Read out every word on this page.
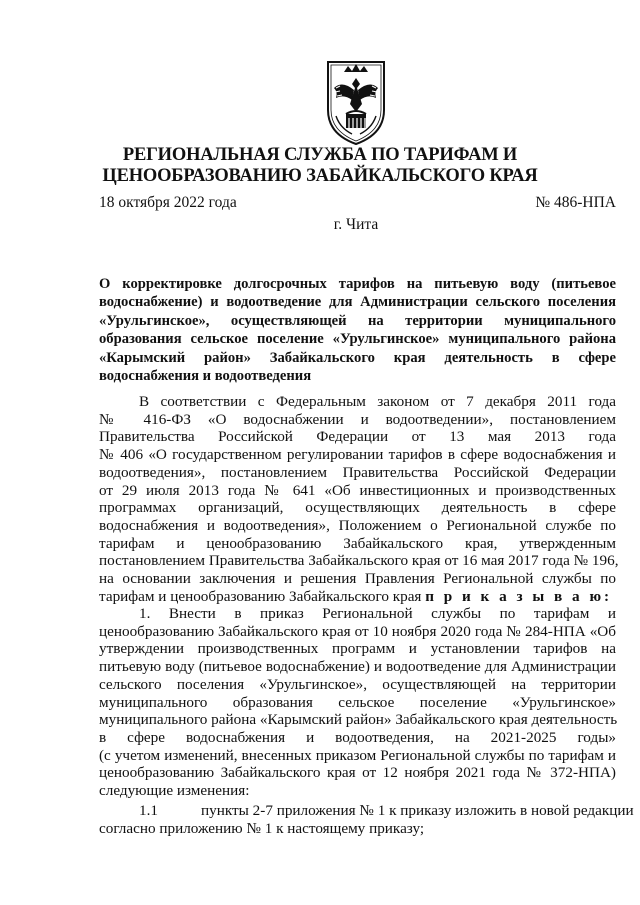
РЕГИОНАЛЬНАЯ СЛУЖБА ПО ТАРИФАМ И
ЦЕНООБРАЗОВАНИЮ ЗАБАЙКАЛЬСКОГО КРАЯ
18 октября 2022 года	№ 486-НПА
г. Чита
О корректировке долгосрочных тарифов на питьевую воду (питьевое
водоснабжение) и водоотведение для Администрации сельского поселения
«Урульгинское», осуществляющей на территории муниципального
образования сельское поселение «Урульгинское» муниципального района
«Карымский район» Забайкальского края деятельность в сфере
водоснабжения и водоотведения
В соответствии с Федеральным законом от 7 декабря 2011 года
№ 416-ФЗ «О водоснабжении и водоотведении», постановлением
Правительства Российской Федерации от 13 мая 2013 года
№ 406 «О государственном регулировании тарифов в сфере водоснабжения и
водоотведения», постановлением Правительства Российской Федерации
от 29 июля 2013 года № 641 «Об инвестиционных и производственных
программах организаций, осуществляющих деятельность в сфере
водоснабжения и водоотведения», Положением о Региональной службе по
тарифам и ценообразованию Забайкальского края, утвержденным
постановлением Правительства Забайкальского края от 16 мая 2017 года № 196,
на основании заключения и решения Правления Региональной службы по
тарифам и ценообразованию Забайкальского края п р и к а з ы в а ю:
1. Внести в приказ Региональной службы по тарифам и
ценообразованию Забайкальского края от 10 ноября 2020 года № 284-НПА «Об
утверждении производственных программ и установлении тарифов на
питьевую воду (питьевое водоснабжение) и водоотведение для Администрации
сельского поселения «Урульгинское», осуществляющей на территории
муниципального образования сельское поселение «Урульгинское»
муниципального района «Карымский район» Забайкальского края деятельность
в сфере водоснабжения и водоотведения, на 2021-2025 годы»
(с учетом изменений, внесенных приказом Региональной службы по тарифам и
ценообразованию Забайкальского края от 12 ноября 2021 года № 372-НПА)
следующие изменения:
1.1	пункты 2-7 приложения № 1 к приказу изложить в новой редакции
согласно приложению № 1 к настоящему приказу;
